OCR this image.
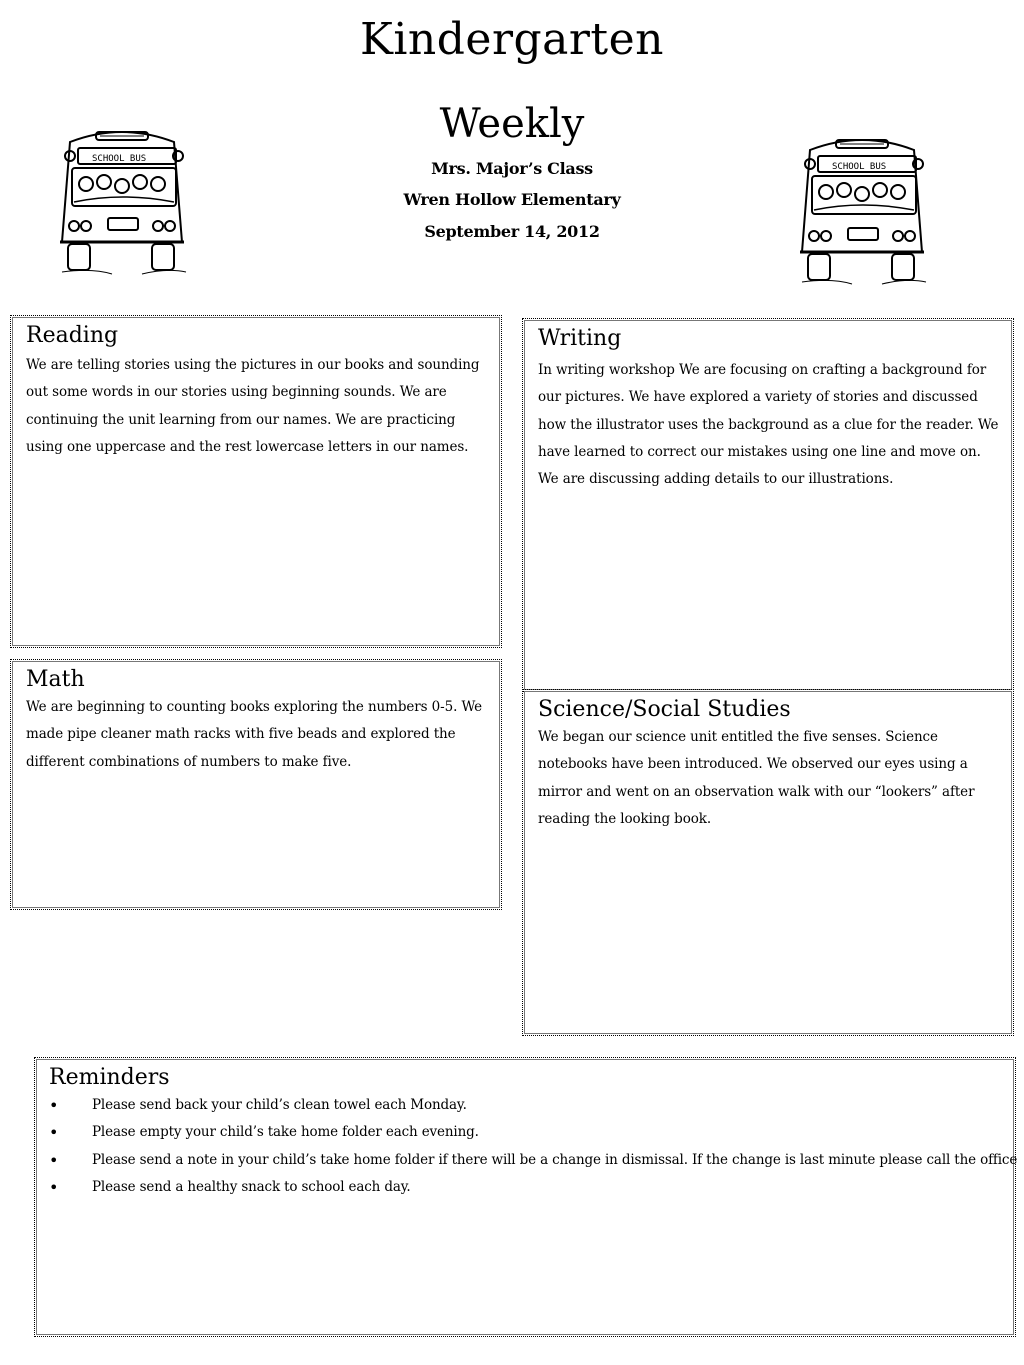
Kindergarten
Weekly
Mrs. Major’s Class
Wren Hollow Elementary
September 14, 2012
SCHOOL BUS
SCHOOL BUS
Reading

We are telling stories using the pictures in our books and sounding out some words in our stories using beginning sounds. We are continuing the unit learning from our names. We are practicing using one uppercase and the rest lowercase letters in our names.

Writing

In writing workshop We are focusing on crafting a background for our pictures. We have explored a variety of stories and discussed how the illustrator uses the background as a clue for the reader. We have learned to correct our mistakes using one line and move on. We are discussing adding details to our illustrations.

Math

We are beginning to counting books exploring the numbers 0-5. We made pipe cleaner math racks with five beads and explored the different combinations of numbers to make five.

Science/Social Studies

We began our science unit entitled the five senses. Science notebooks have been introduced. We observed our eyes using a mirror and went on an observation walk with our “lookers” after reading the looking book.

Reminders
• Please send back your child’s clean towel each Monday.
• Please empty your child’s take home folder each evening.
• Please send a note in your child’s take home folder if there will be a change in dismissal. If the change is last minute please call the office
• Please send a healthy snack to school each day.
